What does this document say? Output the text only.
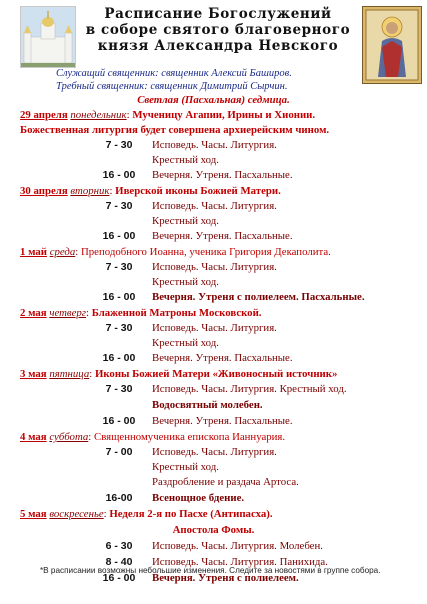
Расписание Богослужений
в соборе святого благоверного
князя Александра Невского
Служащий священник: священник Алексий Баширов.
Требный священник: священник Димитрий Сырчин.
Светлая (Пасхальная) седмица.
29 апреля понедельник: Мученицу Агапии, Ирины и Хионии.
Божественная литургия будет совершена архиерейским чином.
7 - 30	Исповедь. Часы. Литургия.
Крестный ход.
16 - 00	Вечерня. Утреня. Пасхальные.
30 апреля вторник: Иверской иконы Божией Матери.
7 - 30	Исповедь. Часы. Литургия.
Крестный ход.
16 - 00	Вечерня. Утреня. Пасхальные.
1 май среда: Преподобного Иоанна, ученика Григория Декаполита.
7 - 30	Исповедь. Часы. Литургия.
Крестный ход.
16 - 00	Вечерня. Утреня с полиелеем. Пасхальные.
2 мая четверг: Блаженной Матроны Московской.
7 - 30	Исповедь. Часы. Литургия.
Крестный ход.
16 - 00	Вечерня. Утреня. Пасхальные.
3 мая пятница: Иконы Божией Матери «Живоносный источник»
7 - 30	Исповедь. Часы. Литургия. Крестный ход.
Водосвятный молебен.
16 - 00	Вечерня. Утреня. Пасхальные.
4 мая суббота: Священномученика епископа Ианнуария.
7 - 00	Исповедь. Часы. Литургия.
Крестный ход.
Раздробление и раздача Артоса.
16-00	Всенощное бдение.
5 мая воскресенье: Неделя 2-я по Пасхе (Антипасха).
Апостола Фомы.
6 - 30	Исповедь. Часы. Литургия. Молебен.
8 - 40	Исповедь. Часы. Литургия. Панихида.
16 - 00	Вечерня. Утреня с полиелеем.
*В расписании возможны небольшие изменения. Следите за новостями в группе собора.
